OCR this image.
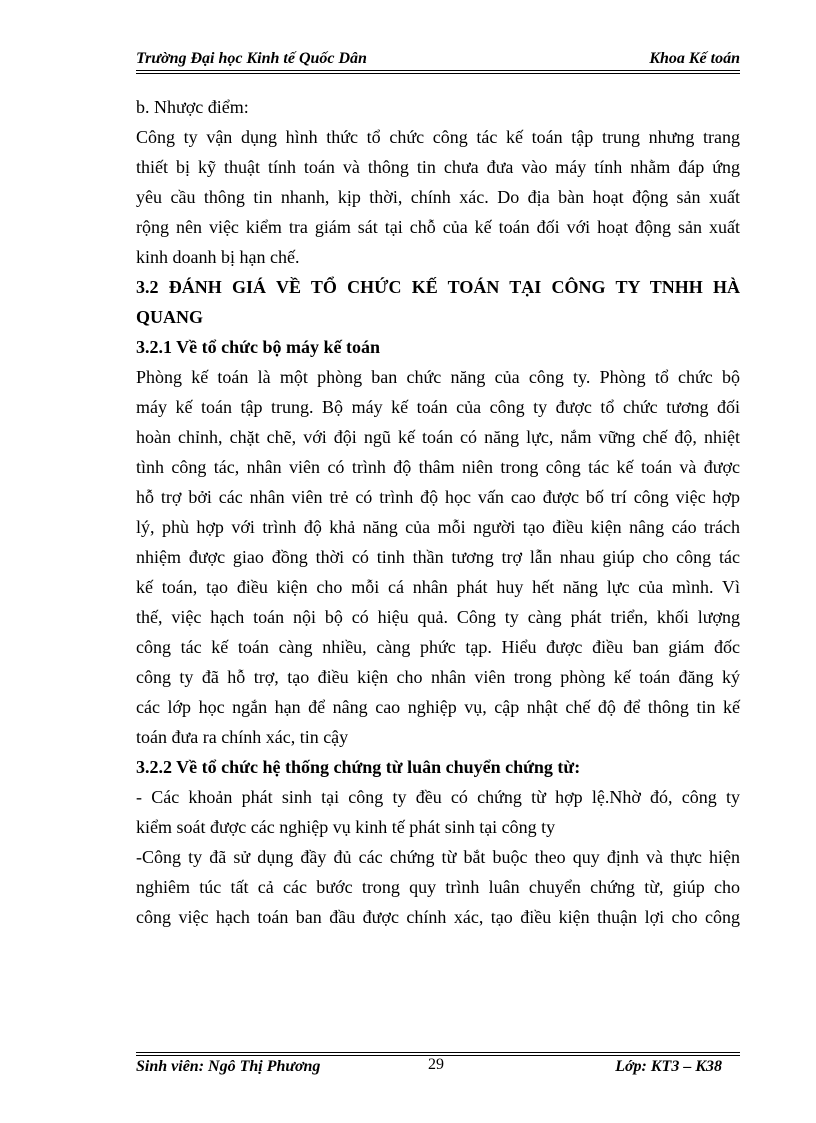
Trường Đại học Kinh tế Quốc Dân	Khoa Kế toán
b. Nhược điểm:
Công ty vận dụng hình thức tổ chức công tác kế toán tập trung nhưng trang
thiết bị kỹ thuật tính toán và thông tin chưa đưa vào máy tính nhằm đáp ứng
yêu cầu thông tin nhanh, kịp thời, chính xác. Do địa bàn hoạt động sản xuất
rộng nên việc kiểm tra giám sát tại chỗ của kế toán đối với hoạt động sản xuất
kinh doanh bị hạn chế.
3.2 ĐÁNH GIÁ VỀ TỔ CHỨC KẾ TOÁN TẠI CÔNG TY TNHH HÀ
QUANG
3.2.1 Về tổ chức bộ máy kế toán
Phòng kế toán là một phòng ban chức năng của công ty. Phòng tổ chức bộ
máy kế toán tập trung. Bộ máy kế toán của công ty được tổ chức tương đối
hoàn chỉnh, chặt chẽ, với đội ngũ kế toán có năng lực, nắm vững chế độ, nhiệt
tình công tác, nhân viên có trình độ thâm niên trong công tác kế toán và được
hỗ trợ bởi các nhân viên trẻ có trình độ học vấn cao được bố trí công việc hợp
lý, phù hợp với trình độ khả năng của mỗi người tạo điều kiện nâng cáo trách
nhiệm được giao đồng thời có tinh thần tương trợ lẫn nhau giúp cho công tác
kế toán, tạo điều kiện cho mỗi cá nhân phát huy hết năng lực của mình. Vì
thế, việc hạch toán nội bộ có hiệu quả. Công ty càng phát triển, khối lượng
công tác kế toán càng nhiều, càng phức tạp. Hiểu được điều ban giám đốc
công ty đã hỗ trợ, tạo điều kiện cho nhân viên trong phòng kế toán đăng ký
các lớp học ngắn hạn để nâng cao nghiệp vụ, cập nhật chế độ để thông tin kế
toán đưa ra chính xác, tin cậy
3.2.2 Về tổ chức hệ thống chứng từ luân chuyển chứng từ:
- Các khoản phát sinh tại công ty đều có chứng từ hợp lệ.Nhờ đó, công ty
kiểm soát được các nghiệp vụ kinh tế phát sinh tại công ty
-Công ty đã sử dụng đầy đủ các chứng từ bắt buộc theo quy định và thực hiện
nghiêm túc tất cả các bước trong quy trình luân chuyển chứng từ, giúp cho
công việc hạch toán ban đầu được chính xác, tạo điều kiện thuận lợi cho công
Sinh viên: Ngô Thị Phương	29	Lớp: KT3 – K38
